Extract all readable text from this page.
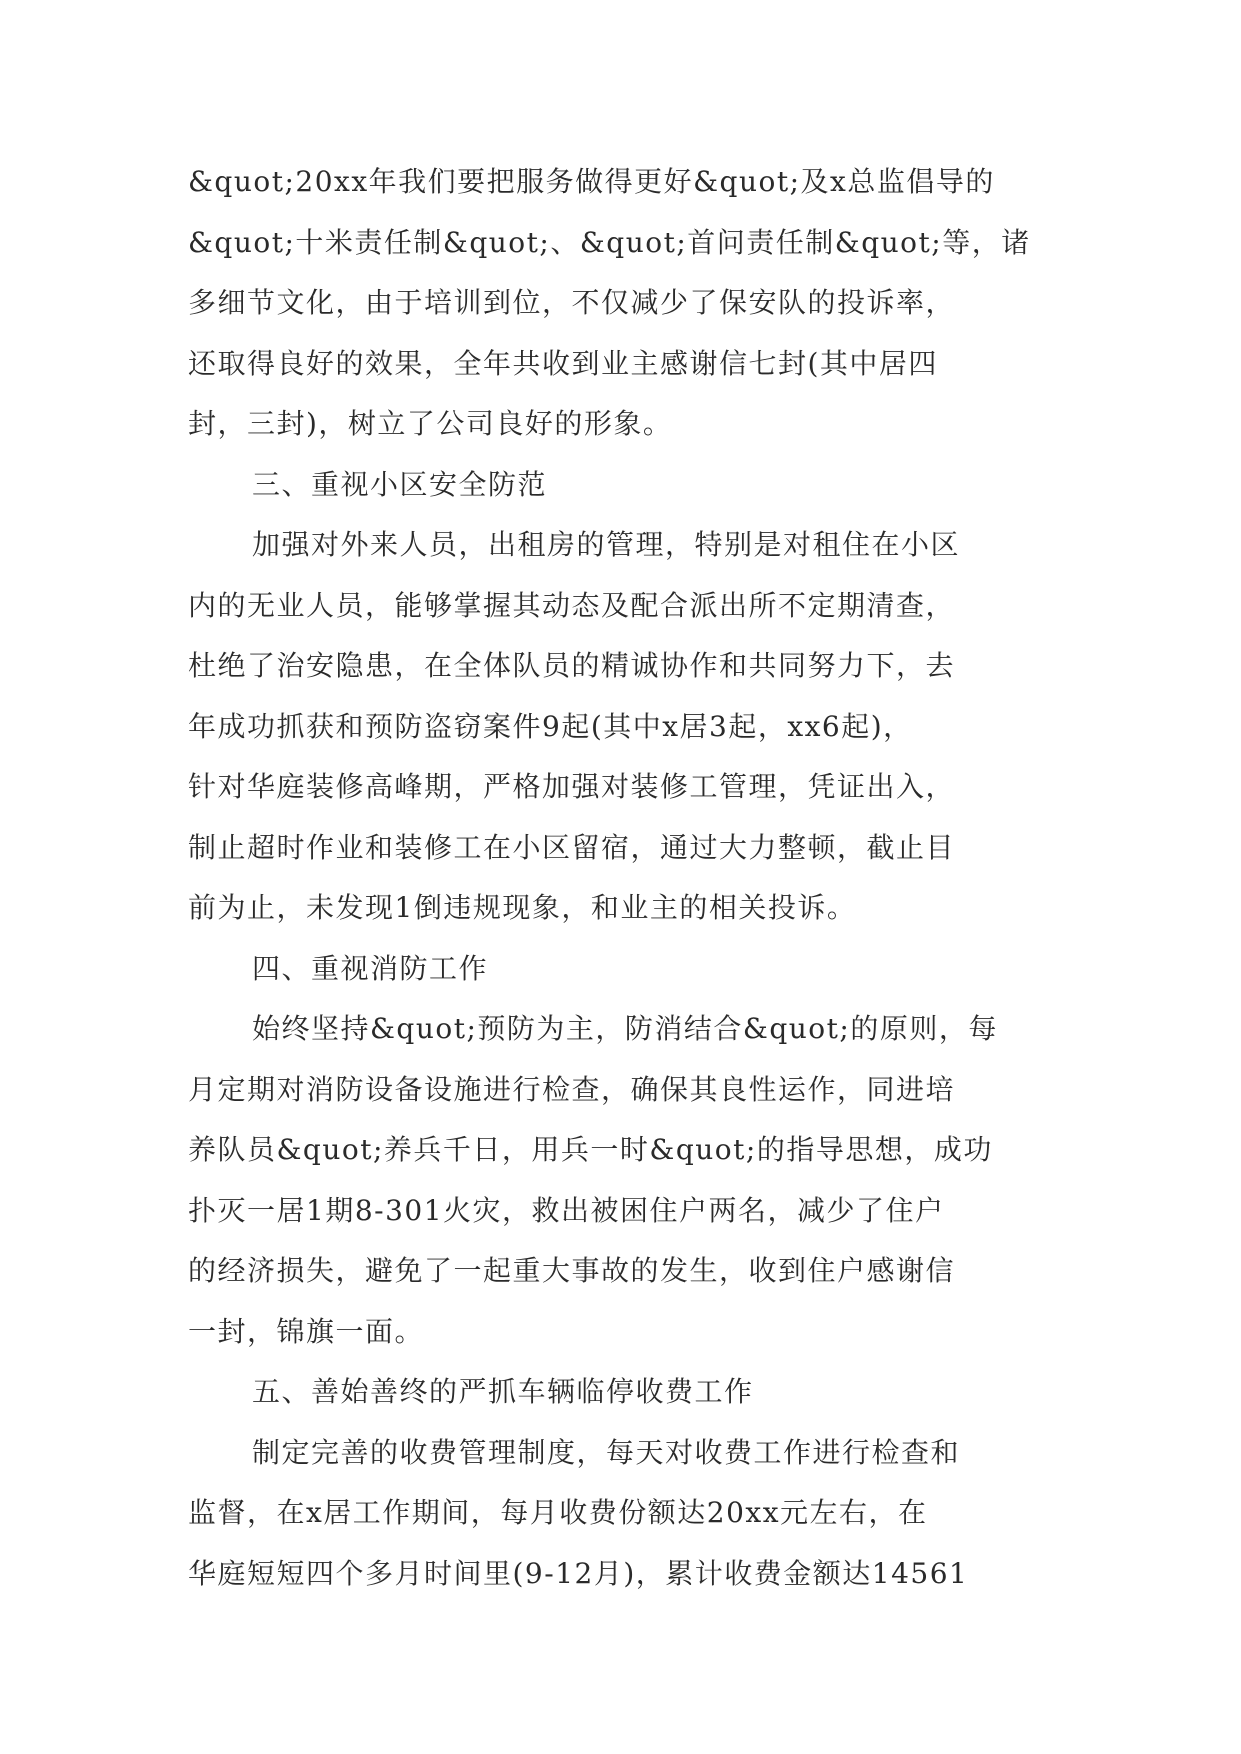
&quot;20xx年我们要把服务做得更好&quot;及x总监倡导的
&quot;十米责任制&quot;、&quot;首问责任制&quot;等，诸
多细节文化，由于培训到位，不仅减少了保安队的投诉率，
还取得良好的效果，全年共收到业主感谢信七封(其中居四
封，三封)，树立了公司良好的形象。
三、重视小区安全防范
加强对外来人员，出租房的管理，特别是对租住在小区
内的无业人员，能够掌握其动态及配合派出所不定期清查，
杜绝了治安隐患，在全体队员的精诚协作和共同努力下，去
年成功抓获和预防盗窃案件9起(其中x居3起，xx6起)，
针对华庭装修高峰期，严格加强对装修工管理，凭证出入，
制止超时作业和装修工在小区留宿，通过大力整顿，截止目
前为止，未发现1倒违规现象，和业主的相关投诉。
四、重视消防工作
始终坚持&quot;预防为主，防消结合&quot;的原则，每
月定期对消防设备设施进行检查，确保其良性运作，同进培
养队员&quot;养兵千日，用兵一时&quot;的指导思想，成功
扑灭一居1期8-301火灾，救出被困住户两名，减少了住户
的经济损失，避免了一起重大事故的发生，收到住户感谢信
一封，锦旗一面。
五、善始善终的严抓车辆临停收费工作
制定完善的收费管理制度，每天对收费工作进行检查和
监督，在x居工作期间，每月收费份额达20xx元左右，在
华庭短短四个多月时间里(9-12月)，累计收费金额达14561
